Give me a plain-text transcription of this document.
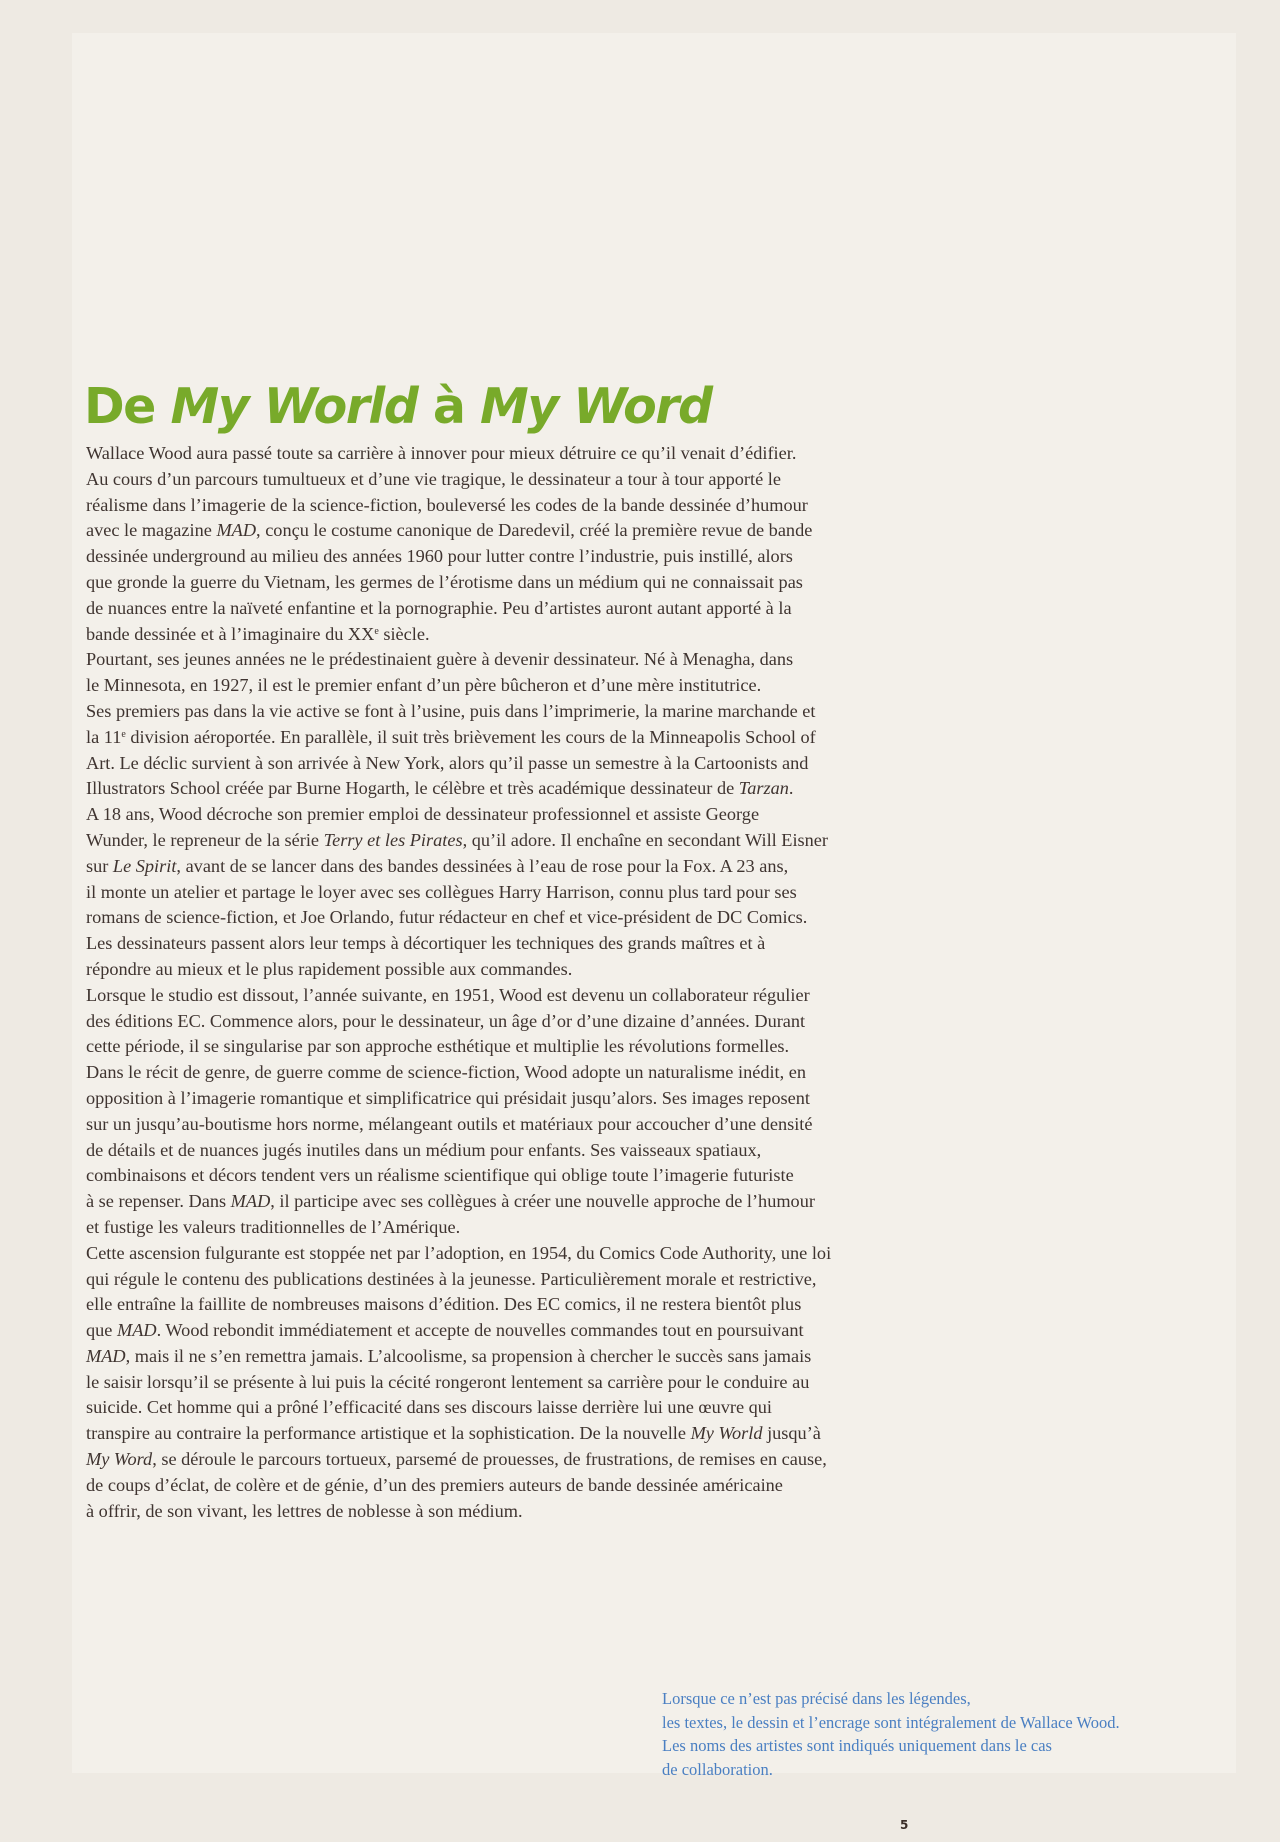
De My World à My Word
Wallace Wood aura passé toute sa carrière à innover pour mieux détruire ce qu’il venait d’édifier.
Au cours d’un parcours tumultueux et d’une vie tragique, le dessinateur a tour à tour apporté le
réalisme dans l’imagerie de la science-fiction, bouleversé les codes de la bande dessinée d’humour
avec le magazine MAD, conçu le costume canonique de Daredevil, créé la première revue de bande
dessinée underground au milieu des années 1960 pour lutter contre l’industrie, puis instillé, alors
que gronde la guerre du Vietnam, les germes de l’érotisme dans un médium qui ne connaissait pas
de nuances entre la naïveté enfantine et la pornographie. Peu d’artistes auront autant apporté à la
bande dessinée et à l’imaginaire du XXe siècle.
Pourtant, ses jeunes années ne le prédestinaient guère à devenir dessinateur. Né à Menagha, dans
le Minnesota, en 1927, il est le premier enfant d’un père bûcheron et d’une mère institutrice.
Ses premiers pas dans la vie active se font à l’usine, puis dans l’imprimerie, la marine marchande et
la 11e division aéroportée. En parallèle, il suit très brièvement les cours de la Minneapolis School of
Art. Le déclic survient à son arrivée à New York, alors qu’il passe un semestre à la Cartoonists and
Illustrators School créée par Burne Hogarth, le célèbre et très académique dessinateur de Tarzan.
A 18 ans, Wood décroche son premier emploi de dessinateur professionnel et assiste George
Wunder, le repreneur de la série Terry et les Pirates, qu’il adore. Il enchaîne en secondant Will Eisner
sur Le Spirit, avant de se lancer dans des bandes dessinées à l’eau de rose pour la Fox. A 23 ans,
il monte un atelier et partage le loyer avec ses collègues Harry Harrison, connu plus tard pour ses
romans de science-fiction, et Joe Orlando, futur rédacteur en chef et vice-président de DC Comics.
Les dessinateurs passent alors leur temps à décortiquer les techniques des grands maîtres et à
répondre au mieux et le plus rapidement possible aux commandes.
Lorsque le studio est dissout, l’année suivante, en 1951, Wood est devenu un collaborateur régulier
des éditions EC. Commence alors, pour le dessinateur, un âge d’or d’une dizaine d’années. Durant
cette période, il se singularise par son approche esthétique et multiplie les révolutions formelles.
Dans le récit de genre, de guerre comme de science-fiction, Wood adopte un naturalisme inédit, en
opposition à l’imagerie romantique et simplificatrice qui présidait jusqu’alors. Ses images reposent
sur un jusqu’au-boutisme hors norme, mélangeant outils et matériaux pour accoucher d’une densité
de détails et de nuances jugés inutiles dans un médium pour enfants. Ses vaisseaux spatiaux,
combinaisons et décors tendent vers un réalisme scientifique qui oblige toute l’imagerie futuriste
à se repenser. Dans MAD, il participe avec ses collègues à créer une nouvelle approche de l’humour
et fustige les valeurs traditionnelles de l’Amérique.
Cette ascension fulgurante est stoppée net par l’adoption, en 1954, du Comics Code Authority, une loi
qui régule le contenu des publications destinées à la jeunesse. Particulièrement morale et restrictive,
elle entraîne la faillite de nombreuses maisons d’édition. Des EC comics, il ne restera bientôt plus
que MAD. Wood rebondit immédiatement et accepte de nouvelles commandes tout en poursuivant
MAD, mais il ne s’en remettra jamais. L’alcoolisme, sa propension à chercher le succès sans jamais
le saisir lorsqu’il se présente à lui puis la cécité rongeront lentement sa carrière pour le conduire au
suicide. Cet homme qui a prôné l’efficacité dans ses discours laisse derrière lui une œuvre qui
transpire au contraire la performance artistique et la sophistication. De la nouvelle My World jusqu’à
My Word, se déroule le parcours tortueux, parsemé de prouesses, de frustrations, de remises en cause,
de coups d’éclat, de colère et de génie, d’un des premiers auteurs de bande dessinée américaine
à offrir, de son vivant, les lettres de noblesse à son médium.
Lorsque ce n’est pas précisé dans les légendes,
les textes, le dessin et l’encrage sont intégralement de Wallace Wood.
Les noms des artistes sont indiqués uniquement dans le cas
de collaboration.
5
